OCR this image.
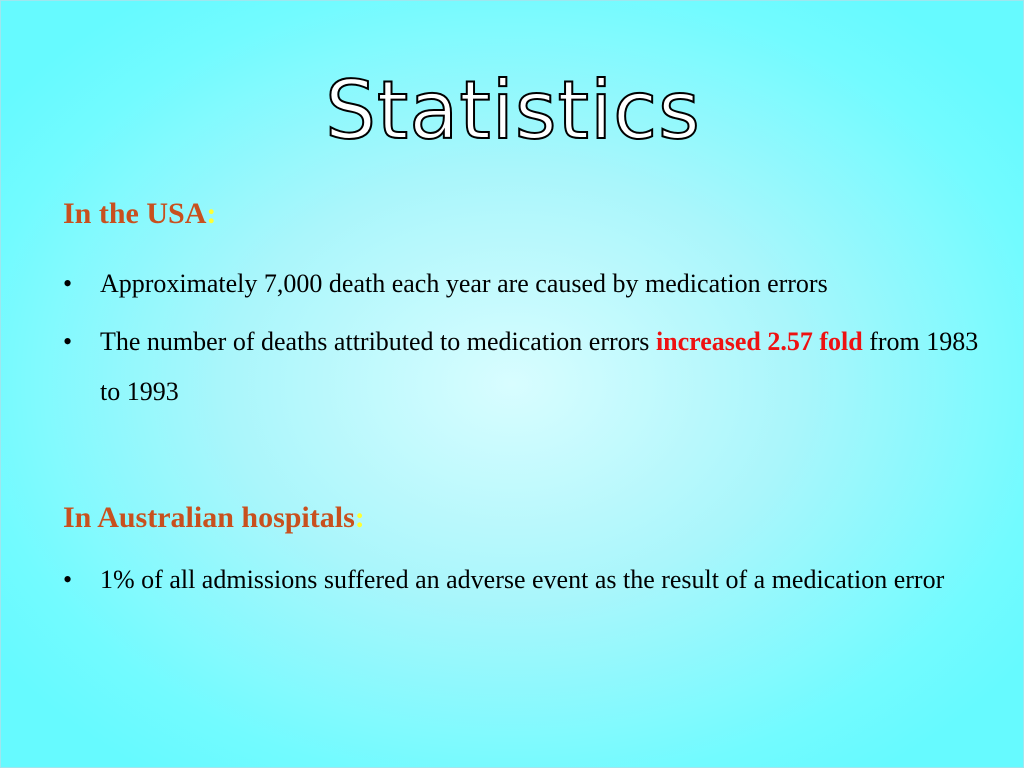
Statistics
In the USA:
• Approximately 7,000 death each year are caused by medication errors
• The number of deaths attributed to medication errors increased 2.57 fold from 1983 to 1993
In Australian hospitals:
• 1% of all admissions suffered an adverse event as the result of a medication error
